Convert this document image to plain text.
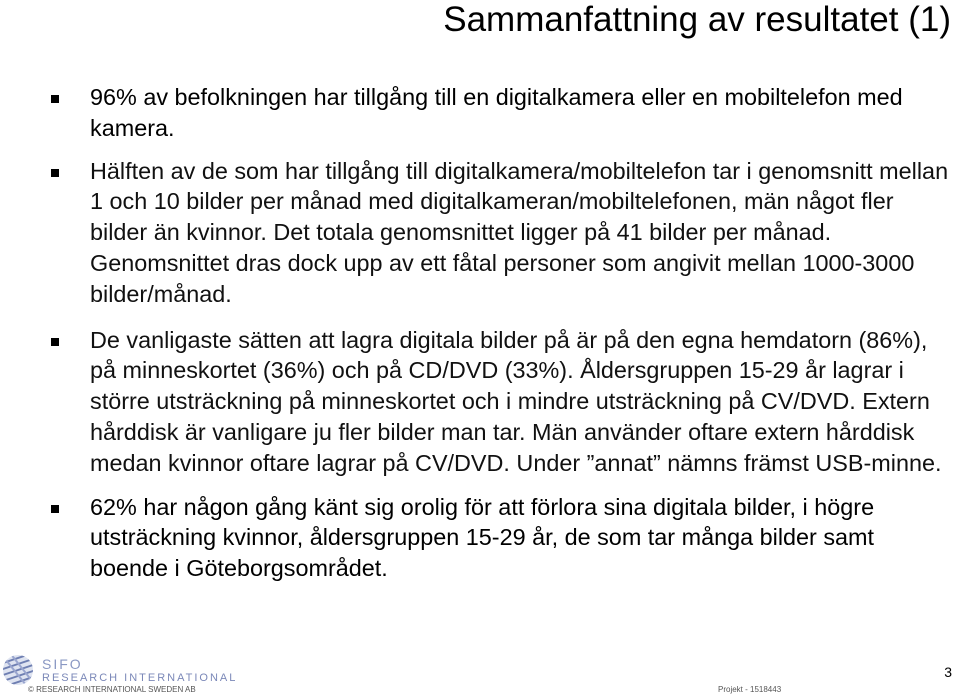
Sammanfattning av resultatet (1)
96% av befolkningen har tillgång till en digitalkamera eller en mobiltelefon med kamera.
Hälften av de som har tillgång till digitalkamera/mobiltelefon tar i genomsnitt mellan 1 och 10 bilder per månad med digitalkameran/mobiltelefonen, män något fler bilder än kvinnor. Det totala genomsnittet ligger på 41 bilder per månad. Genomsnittet dras dock upp av ett fåtal personer som angivit mellan 1000-3000 bilder/månad.
De vanligaste sätten att lagra digitala bilder på är på den egna hemdatorn (86%), på minneskortet (36%) och på CD/DVD (33%). Åldersgruppen 15-29 år lagrar i större utsträckning på minneskortet och i mindre utsträckning på CV/DVD. Extern hårddisk är vanligare ju fler bilder man tar. Män använder oftare extern hårddisk medan kvinnor oftare lagrar på CV/DVD. Under ”annat” nämns främst USB-minne.
62% har någon gång känt sig orolig för att förlora sina digitala bilder, i högre utsträckning kvinnor, åldersgruppen 15-29 år, de som tar många bilder samt boende i Göteborgsområdet.
SIFO
RESEARCH INTERNATIONAL
© RESEARCH INTERNATIONAL SWEDEN AB	Projekt - 1518443
3
